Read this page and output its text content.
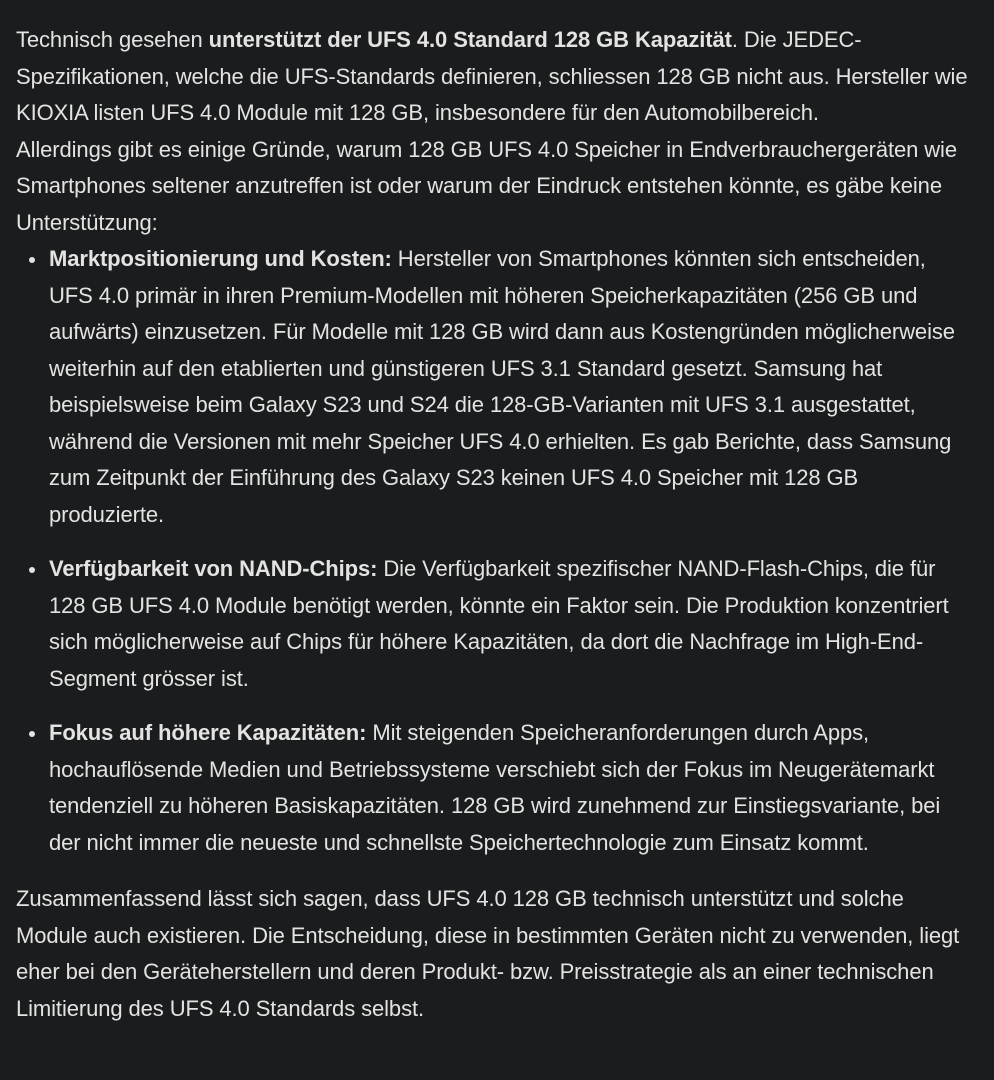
Technisch gesehen unterstützt der UFS 4.0 Standard 128 GB Kapazität. Die JEDEC-Spezifikationen, welche die UFS-Standards definieren, schliessen 128 GB nicht aus. Hersteller wie KIOXIA listen UFS 4.0 Module mit 128 GB, insbesondere für den Automobilbereich.

Allerdings gibt es einige Gründe, warum 128 GB UFS 4.0 Speicher in Endverbrauchergeräten wie Smartphones seltener anzutreffen ist oder warum der Eindruck entstehen könnte, es gäbe keine Unterstützung:

Marktpositionierung und Kosten: Hersteller von Smartphones könnten sich entscheiden, UFS 4.0 primär in ihren Premium-Modellen mit höheren Speicherkapazitäten (256 GB und aufwärts) einzusetzen. Für Modelle mit 128 GB wird dann aus Kostengründen möglicherweise weiterhin auf den etablierten und günstigeren UFS 3.1 Standard gesetzt. Samsung hat beispielsweise beim Galaxy S23 und S24 die 128-GB-Varianten mit UFS 3.1 ausgestattet, während die Versionen mit mehr Speicher UFS 4.0 erhielten. Es gab Berichte, dass Samsung zum Zeitpunkt der Einführung des Galaxy S23 keinen UFS 4.0 Speicher mit 128 GB produzierte.
Verfügbarkeit von NAND-Chips: Die Verfügbarkeit spezifischer NAND-Flash-Chips, die für 128 GB UFS 4.0 Module benötigt werden, könnte ein Faktor sein. Die Produktion konzentriert sich möglicherweise auf Chips für höhere Kapazitäten, da dort die Nachfrage im High-End-Segment grösser ist.
Fokus auf höhere Kapazitäten: Mit steigenden Speicheranforderungen durch Apps, hochauflösende Medien und Betriebssysteme verschiebt sich der Fokus im Neugerätemarkt tendenziell zu höheren Basiskapazitäten. 128 GB wird zunehmend zur Einstiegsvariante, bei der nicht immer die neueste und schnellste Speichertechnologie zum Einsatz kommt.

Zusammenfassend lässt sich sagen, dass UFS 4.0 128 GB technisch unterstützt und solche Module auch existieren. Die Entscheidung, diese in bestimmten Geräten nicht zu verwenden, liegt eher bei den Geräteherstellern und deren Produkt- bzw. Preisstrategie als an einer technischen Limitierung des UFS 4.0 Standards selbst.
